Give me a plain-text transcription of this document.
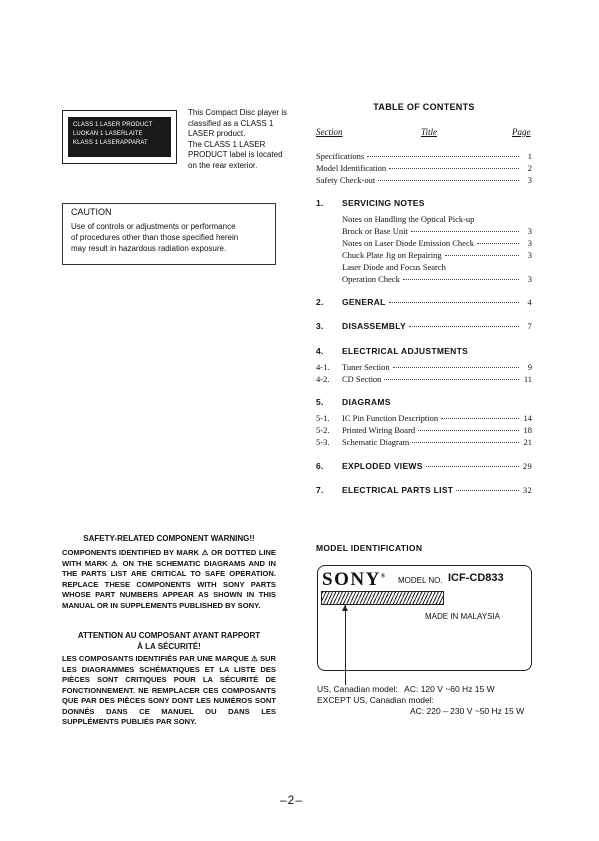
CLASS 1 LASER PRODUCT
LUOKAN 1 LASERLAITE
KLASS 1 LASERAPPARAT
This Compact Disc player is
classified as a CLASS 1
LASER product.
The CLASS 1 LASER
PRODUCT label is located
on the rear exterior.
CAUTION
Use of controls or adjustments or performance
of procedures other than those specified herein
may result in hazardous radiation exposure.
TABLE OF CONTENTS
Section	Title	Page
Specifications	1
Model Identification	2
Safety Check-out	3
1.	SERVICING NOTES
Notes on Handling the Optical Pick-up
Brock or Base Unit	3
Notes on Laser Diode Emission Check	3
Chuck Plate Jig on Repairing	3
Laser Diode and Focus Search
Operation Check	3
2.	GENERAL	4
3.	DISASSEMBLY	7
4.	ELECTRICAL ADJUSTMENTS
4-1.	Tuner Section	9
4-2.	CD Section	11
5.	DIAGRAMS
5-1.	IC Pin Function Description	14
5-2.	Printed Wiring Board	18
5-3.	Schematic Diagram	21
6.	EXPLODED VIEWS	29
7.	ELECTRICAL PARTS LIST	32
SAFETY-RELATED COMPONENT WARNING!!
COMPONENTS IDENTIFIED BY MARK ⚠ OR DOTTED LINE WITH MARK ⚠ ON THE SCHEMATIC DIAGRAMS AND IN THE PARTS LIST ARE CRITICAL TO SAFE OPERATION. REPLACE THESE COMPONENTS WITH SONY PARTS WHOSE PART NUMBERS APPEAR AS SHOWN IN THIS MANUAL OR IN SUPPLEMENTS PUBLISHED BY SONY.
ATTENTION AU COMPOSANT AYANT RAPPORT
À LA SÉCURITÉ!
LES COMPOSANTS IDENTIFIÉS PAR UNE MARQUE ⚠ SUR LES DIAGRAMMES SCHÉMATIQUES ET LA LISTE DES PIÈCES SONT CRITIQUES POUR LA SÉCURITÉ DE FONCTIONNEMENT. NE REMPLACER CES COMPOSANTS QUE PAR DES PIÈCES SONY DONT LES NUMÉROS SONT DONNÉS DANS CE MANUEL OU DANS LES SUPPLÉMENTS PUBLIÉS PAR SONY.
MODEL IDENTIFICATION
SONY® MODEL NO. ICF-CD833
MADE IN MALAYSIA
US, Canadian model: AC: 120 V ~60 Hz 15 W
EXCEPT US, Canadian model:
AC: 220 – 230 V ~50 Hz 15 W
–2–
